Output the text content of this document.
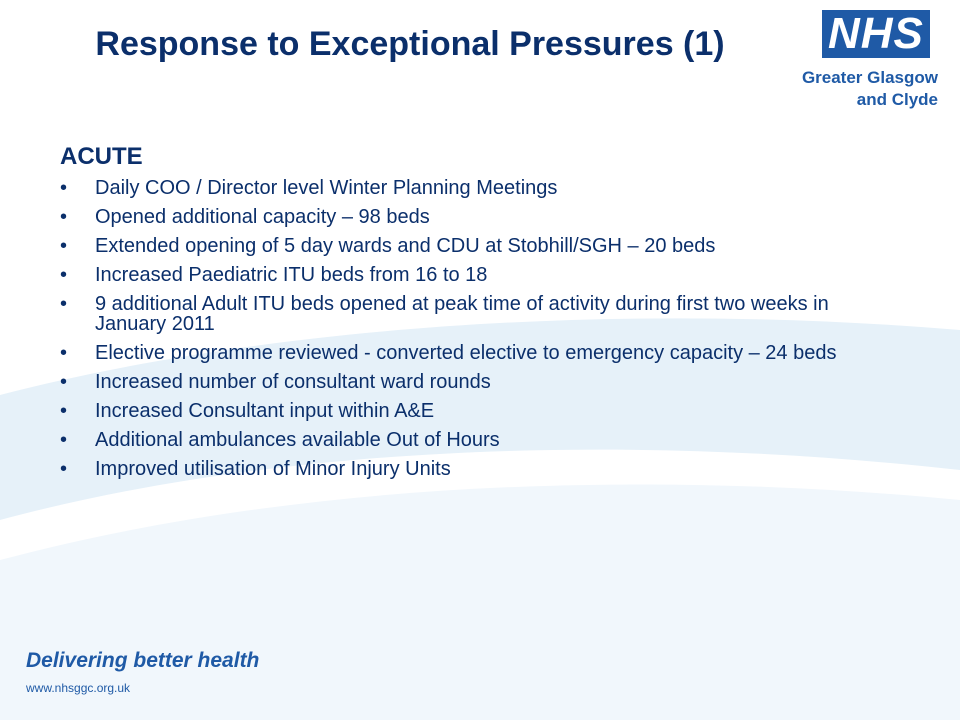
Response to Exceptional Pressures (1)	NHS
Greater Glasgow
and Clyde
ACUTE
• Daily COO / Director level Winter Planning Meetings
• Opened additional capacity – 98 beds
• Extended opening of 5 day wards and CDU at Stobhill/SGH – 20 beds
• Increased Paediatric ITU beds from 16 to 18
• 9 additional Adult ITU beds opened at peak time of activity during first two weeks in January 2011
• Elective programme reviewed - converted elective to emergency capacity – 24 beds
• Increased number of consultant ward rounds
• Increased Consultant input within A&E
• Additional ambulances available Out of Hours
• Improved utilisation of Minor Injury Units
Delivering better health
www.nhsggc.org.uk
